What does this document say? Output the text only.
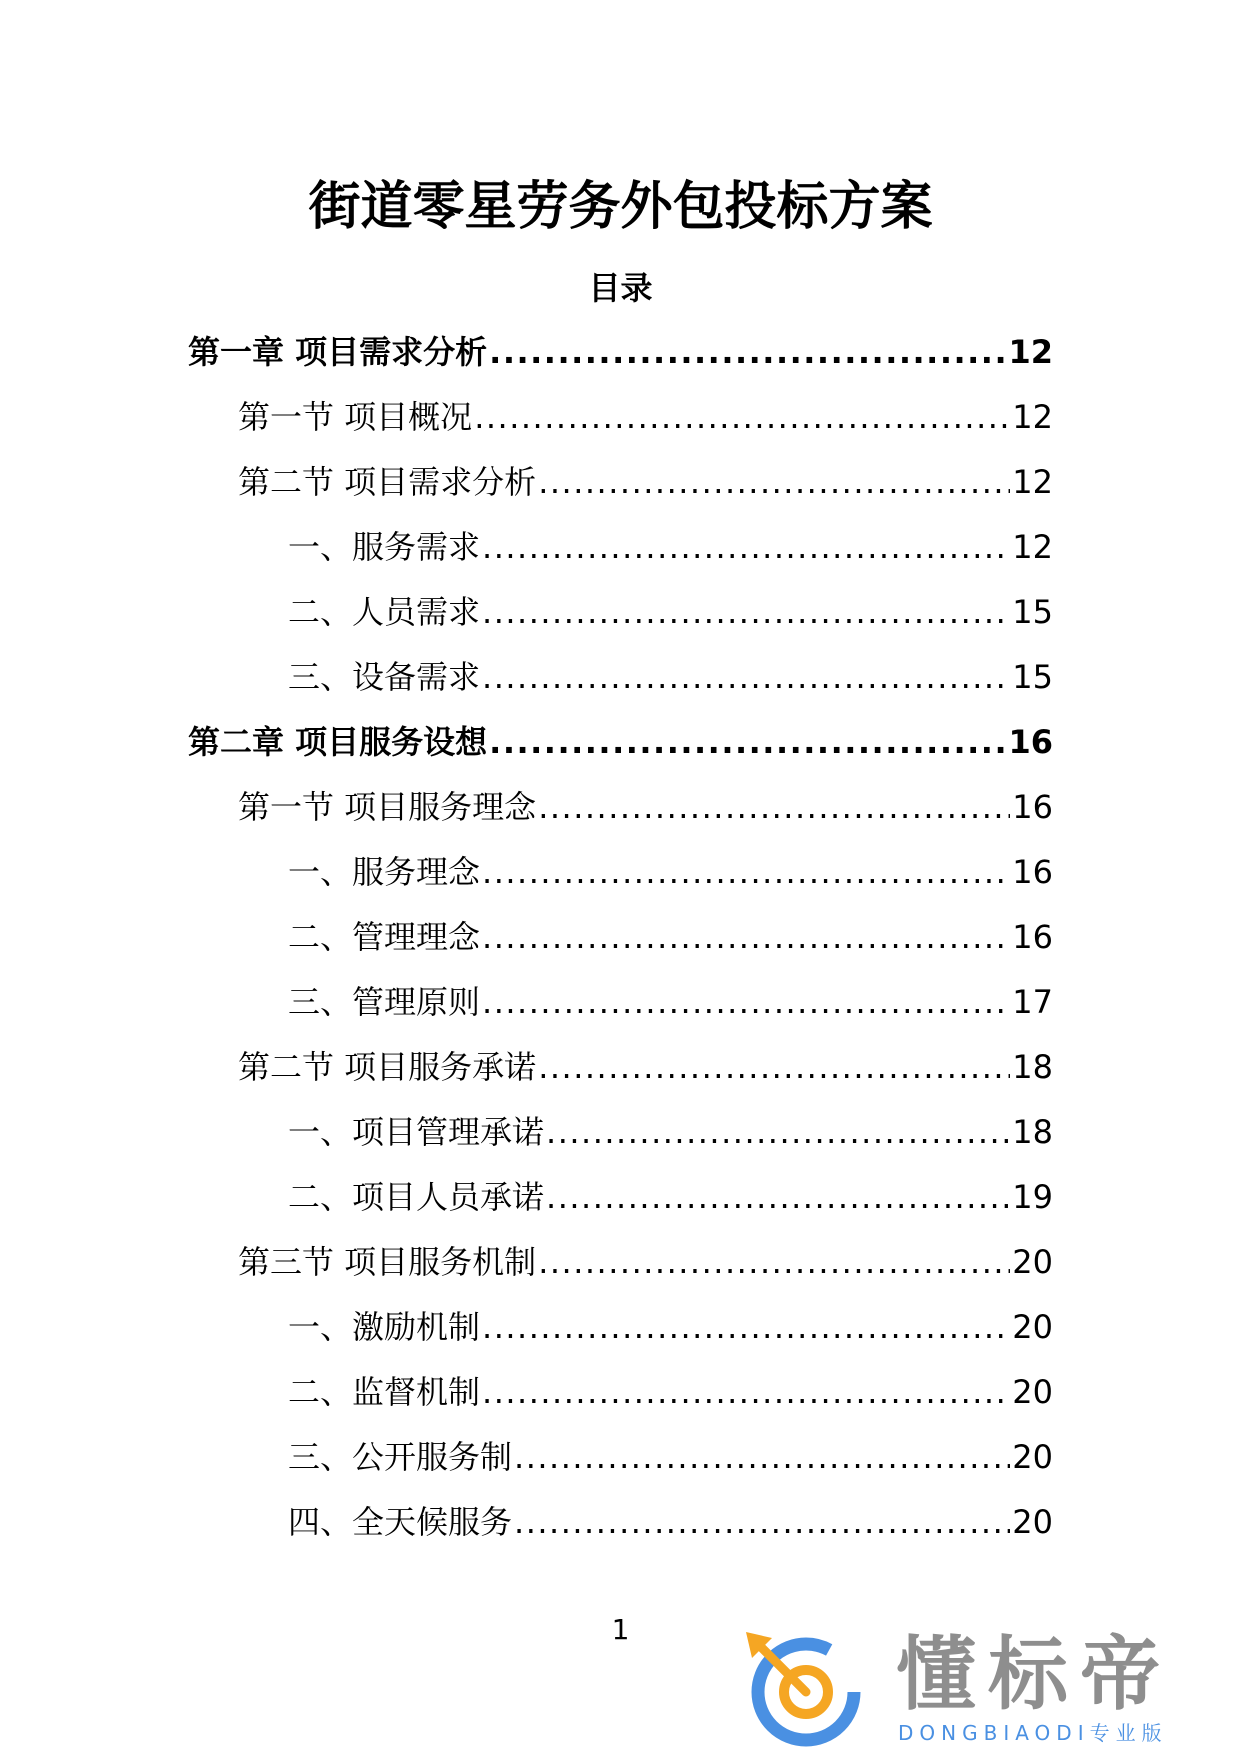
街道零星劳务外包投标方案
目录
第一章 项目需求分析 .....	12
第一节 项目概况 .....	12
第二节 项目需求分析 .....	12
一、服务需求 .....	12
二、人员需求 .....	15
三、设备需求 .....	15
第二章 项目服务设想 .....	16
第一节 项目服务理念 .....	16
一、服务理念 .....	16
二、管理理念 .....	16
三、管理原则 .....	17
第二节 项目服务承诺 .....	18
一、项目管理承诺 .....	18
二、项目人员承诺 .....	19
第三节 项目服务机制 .....	20
一、激励机制 .....	20
二、监督机制 .....	20
三、公开服务制 .....	20
四、全天候服务 .....	20
1	懂标帝
DONGBIAODI专业版
